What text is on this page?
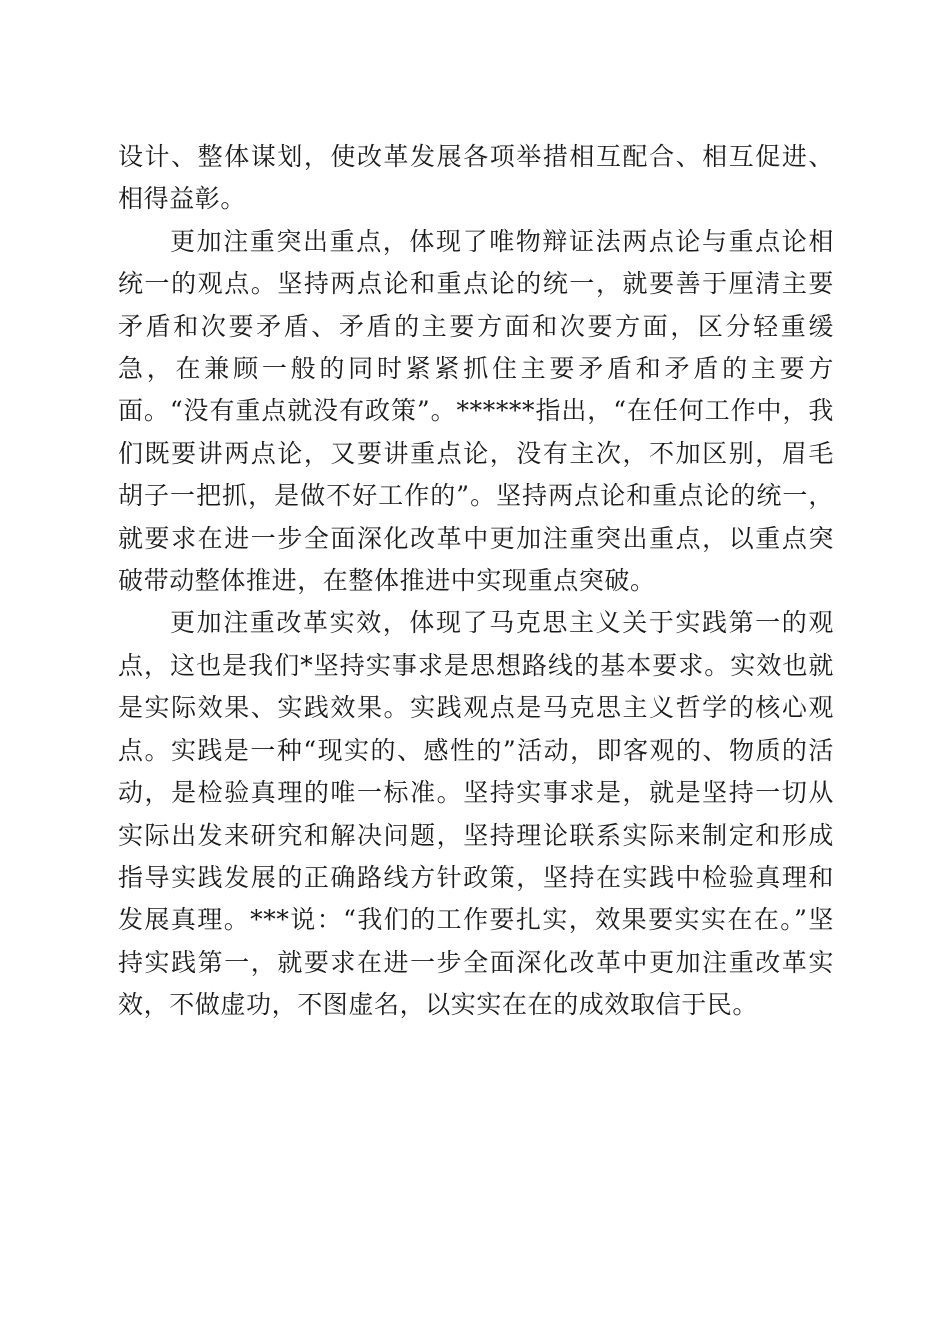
设计、整体谋划，使改革发展各项举措相互配合、相互促进、相得益彰。

更加注重突出重点，体现了唯物辩证法两点论与重点论相统一的观点。坚持两点论和重点论的统一，就要善于厘清主要矛盾和次要矛盾、矛盾的主要方面和次要方面，区分轻重缓急，在兼顾一般的同时紧紧抓住主要矛盾和矛盾的主要方面。“没有重点就没有政策”。******指出，“在任何工作中，我们既要讲两点论，又要讲重点论，没有主次，不加区别，眉毛胡子一把抓，是做不好工作的”。坚持两点论和重点论的统一，就要求在进一步全面深化改革中更加注重突出重点，以重点突破带动整体推进，在整体推进中实现重点突破。

更加注重改革实效，体现了马克思主义关于实践第一的观点，这也是我们*坚持实事求是思想路线的基本要求。实效也就是实际效果、实践效果。实践观点是马克思主义哲学的核心观点。实践是一种“现实的、感性的”活动，即客观的、物质的活动，是检验真理的唯一标准。坚持实事求是，就是坚持一切从实际出发来研究和解决问题，坚持理论联系实际来制定和形成指导实践发展的正确路线方针政策，坚持在实践中检验真理和发展真理。***说：“我们的工作要扎实，效果要实实在在。”坚持实践第一，就要求在进一步全面深化改革中更加注重改革实效，不做虚功，不图虚名，以实实在在的成效取信于民。
